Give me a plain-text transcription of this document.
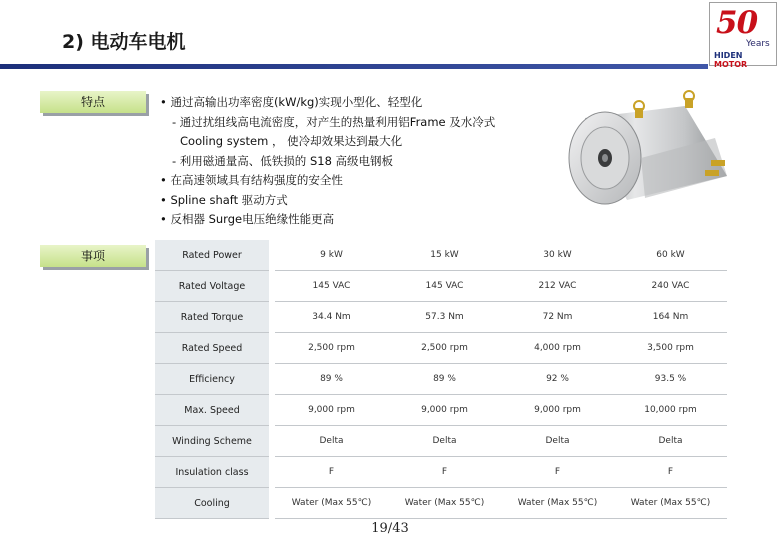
2) 电动车电机
50
Years
HIDEN MOTOR
特点
事项
• 通过高输出功率密度(kW/kg)实现小型化、轻型化
- 通过扰组线高电流密度，对产生的热量利用铝Frame 及水冷式
Cooling system ， 使冷却效果达到最大化
- 利用磁通量高、低铁损的 S18 高级电钢板
• 在高速领域具有结构强度的安全性
• Spline shaft 驱动方式
• 反相器 Surge电压绝缘性能更高
Rated Power		9 kW	15 kW	30 kW	60 kW
Rated Voltage		145 VAC	145 VAC	212 VAC	240 VAC
Rated Torque		34.4 Nm	57.3 Nm	72 Nm	164 Nm
Rated Speed		2,500 rpm	2,500 rpm	4,000 rpm	3,500 rpm
Efficiency		89 %	89 %	92 %	93.5 %
Max. Speed		9,000 rpm	9,000 rpm	9,000 rpm	10,000 rpm
Winding Scheme		Delta	Delta	Delta	Delta
Insulation class		F	F	F	F
Cooling		Water (Max 55℃)	Water (Max 55℃)	Water (Max 55℃)	Water (Max 55℃)
19/43
